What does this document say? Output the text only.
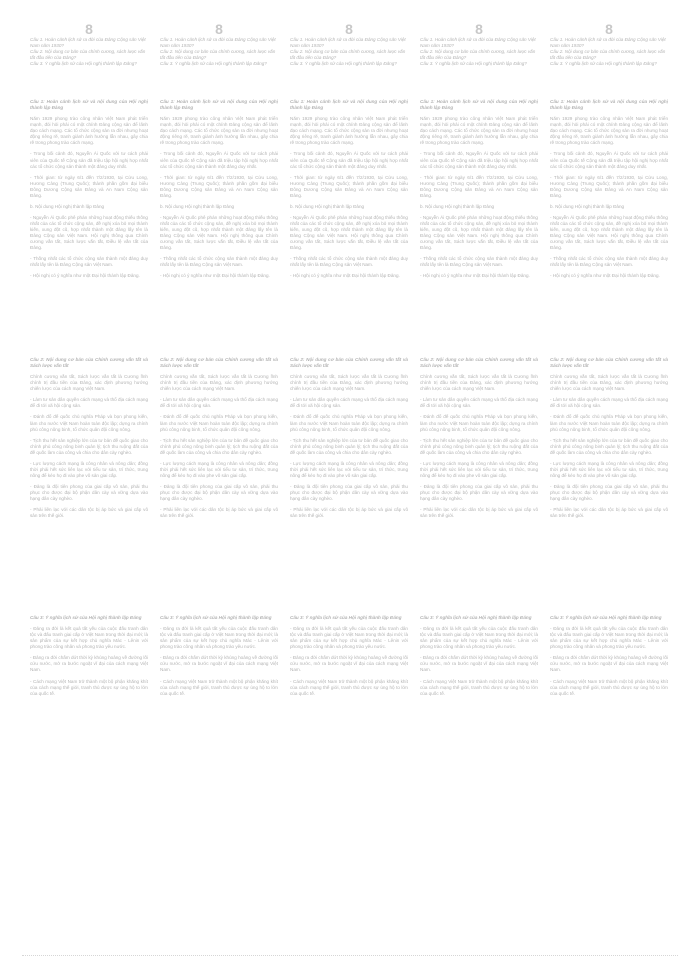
8

Câu 1. Hoàn cảnh lịch sử ra đời của Đảng Cộng sản Việt Nam năm 1930?

Câu 2. Nội dung cơ bản của chính cương, sách lược vắn tắt đầu tiên của Đảng?

Câu 3. Ý nghĩa lịch sử của Hội nghị thành lập Đảng?

Câu 1: Hoàn cảnh lịch sử và nội dung của Hội nghị thành lập Đảng

Năm 1929 phong trào công nhân Việt Nam phát triển mạnh, đòi hỏi phải có một chính Đảng cộng sản để lãnh đạo cách mạng. Các tổ chức cộng sản ra đời nhưng hoạt động riêng rẽ, tranh giành ảnh hưởng lẫn nhau, gây chia rẽ trong phong trào cách mạng.

- Trong bối cảnh đó, Nguyễn Ái Quốc với tư cách phái viên của Quốc tế Cộng sản đã triệu tập hội nghị hợp nhất các tổ chức cộng sản thành một đảng duy nhất.

- Thời gian: từ ngày 6/1 đến 7/2/1930, tại Cửu Long, Hương Cảng (Trung Quốc); thành phần gồm đại biểu Đông Dương Cộng sản Đảng và An Nam Cộng sản Đảng.

b. Nội dung Hội nghị thành lập Đảng

- Nguyễn Ái Quốc phê phán những hoạt động thiếu thống nhất của các tổ chức cộng sản, đề nghị xóa bỏ mọi thành kiến, xung đột cũ, hợp nhất thành một đảng lấy tên là Đảng Cộng sản Việt Nam. Hội nghị thông qua Chính cương vắn tắt, Sách lược vắn tắt, Điều lệ vắn tắt của Đảng.

- Thống nhất các tổ chức cộng sản thành một đảng duy nhất lấy tên là Đảng Cộng sản Việt Nam.

- Hội nghị có ý nghĩa như một Đại hội thành lập Đảng.

Câu 2: Nội dung cơ bản của Chính cương vắn tắt và Sách lược vắn tắt

Chính cương vắn tắt, Sách lược vắn tắt là Cương lĩnh chính trị đầu tiên của Đảng, xác định phương hướng chiến lược của cách mạng Việt Nam.

- Làm tư sản dân quyền cách mạng và thổ địa cách mạng để đi tới xã hội cộng sản.

- Đánh đổ đế quốc chủ nghĩa Pháp và bọn phong kiến, làm cho nước Việt Nam hoàn toàn độc lập; dựng ra chính phủ công nông binh, tổ chức quân đội công nông.

- Tịch thu hết sản nghiệp lớn của tư bản đế quốc giao cho chính phủ công nông binh quản lý; tịch thu ruộng đất của đế quốc làm của công và chia cho dân cày nghèo.

- Lực lượng cách mạng là công nhân và nông dân; đồng thời phải hết sức liên lạc với tiểu tư sản, trí thức, trung nông để kéo họ đi vào phe vô sản giai cấp.

- Đảng là đội tiên phong của giai cấp vô sản, phải thu phục cho được đại bộ phận dân cày và vững dựa vào hạng dân cày nghèo.

- Phải liên lạc với các dân tộc bị áp bức và giai cấp vô sản trên thế giới.

Câu 3: Ý nghĩa lịch sử của Hội nghị thành lập Đảng

- Đảng ra đời là kết quả tất yếu của cuộc đấu tranh dân tộc và đấu tranh giai cấp ở Việt Nam trong thời đại mới; là sản phẩm của sự kết hợp chủ nghĩa Mác - Lênin với phong trào công nhân và phong trào yêu nước.

- Đảng ra đời chấm dứt thời kỳ khủng hoảng về đường lối cứu nước, mở ra bước ngoặt vĩ đại của cách mạng Việt Nam.

- Cách mạng Việt Nam trở thành một bộ phận khăng khít của cách mạng thế giới, tranh thủ được sự ủng hộ to lớn của quốc tế.

8

Câu 1. Hoàn cảnh lịch sử ra đời của Đảng Cộng sản Việt Nam năm 1930?

Câu 2. Nội dung cơ bản của chính cương, sách lược vắn tắt đầu tiên của Đảng?

Câu 3. Ý nghĩa lịch sử của Hội nghị thành lập Đảng?

Câu 1: Hoàn cảnh lịch sử và nội dung của Hội nghị thành lập Đảng

Năm 1929 phong trào công nhân Việt Nam phát triển mạnh, đòi hỏi phải có một chính Đảng cộng sản để lãnh đạo cách mạng. Các tổ chức cộng sản ra đời nhưng hoạt động riêng rẽ, tranh giành ảnh hưởng lẫn nhau, gây chia rẽ trong phong trào cách mạng.

- Trong bối cảnh đó, Nguyễn Ái Quốc với tư cách phái viên của Quốc tế Cộng sản đã triệu tập hội nghị hợp nhất các tổ chức cộng sản thành một đảng duy nhất.

- Thời gian: từ ngày 6/1 đến 7/2/1930, tại Cửu Long, Hương Cảng (Trung Quốc); thành phần gồm đại biểu Đông Dương Cộng sản Đảng và An Nam Cộng sản Đảng.

b. Nội dung Hội nghị thành lập Đảng

- Nguyễn Ái Quốc phê phán những hoạt động thiếu thống nhất của các tổ chức cộng sản, đề nghị xóa bỏ mọi thành kiến, xung đột cũ, hợp nhất thành một đảng lấy tên là Đảng Cộng sản Việt Nam. Hội nghị thông qua Chính cương vắn tắt, Sách lược vắn tắt, Điều lệ vắn tắt của Đảng.

- Thống nhất các tổ chức cộng sản thành một đảng duy nhất lấy tên là Đảng Cộng sản Việt Nam.

- Hội nghị có ý nghĩa như một Đại hội thành lập Đảng.

Câu 2: Nội dung cơ bản của Chính cương vắn tắt và Sách lược vắn tắt

Chính cương vắn tắt, Sách lược vắn tắt là Cương lĩnh chính trị đầu tiên của Đảng, xác định phương hướng chiến lược của cách mạng Việt Nam.

- Làm tư sản dân quyền cách mạng và thổ địa cách mạng để đi tới xã hội cộng sản.

- Đánh đổ đế quốc chủ nghĩa Pháp và bọn phong kiến, làm cho nước Việt Nam hoàn toàn độc lập; dựng ra chính phủ công nông binh, tổ chức quân đội công nông.

- Tịch thu hết sản nghiệp lớn của tư bản đế quốc giao cho chính phủ công nông binh quản lý; tịch thu ruộng đất của đế quốc làm của công và chia cho dân cày nghèo.

- Lực lượng cách mạng là công nhân và nông dân; đồng thời phải hết sức liên lạc với tiểu tư sản, trí thức, trung nông để kéo họ đi vào phe vô sản giai cấp.

- Đảng là đội tiên phong của giai cấp vô sản, phải thu phục cho được đại bộ phận dân cày và vững dựa vào hạng dân cày nghèo.

- Phải liên lạc với các dân tộc bị áp bức và giai cấp vô sản trên thế giới.

Câu 3: Ý nghĩa lịch sử của Hội nghị thành lập Đảng

- Đảng ra đời là kết quả tất yếu của cuộc đấu tranh dân tộc và đấu tranh giai cấp ở Việt Nam trong thời đại mới; là sản phẩm của sự kết hợp chủ nghĩa Mác - Lênin với phong trào công nhân và phong trào yêu nước.

- Đảng ra đời chấm dứt thời kỳ khủng hoảng về đường lối cứu nước, mở ra bước ngoặt vĩ đại của cách mạng Việt Nam.

- Cách mạng Việt Nam trở thành một bộ phận khăng khít của cách mạng thế giới, tranh thủ được sự ủng hộ to lớn của quốc tế.

8

Câu 1. Hoàn cảnh lịch sử ra đời của Đảng Cộng sản Việt Nam năm 1930?

Câu 2. Nội dung cơ bản của chính cương, sách lược vắn tắt đầu tiên của Đảng?

Câu 3. Ý nghĩa lịch sử của Hội nghị thành lập Đảng?

Câu 1: Hoàn cảnh lịch sử và nội dung của Hội nghị thành lập Đảng

Năm 1929 phong trào công nhân Việt Nam phát triển mạnh, đòi hỏi phải có một chính Đảng cộng sản để lãnh đạo cách mạng. Các tổ chức cộng sản ra đời nhưng hoạt động riêng rẽ, tranh giành ảnh hưởng lẫn nhau, gây chia rẽ trong phong trào cách mạng.

- Trong bối cảnh đó, Nguyễn Ái Quốc với tư cách phái viên của Quốc tế Cộng sản đã triệu tập hội nghị hợp nhất các tổ chức cộng sản thành một đảng duy nhất.

- Thời gian: từ ngày 6/1 đến 7/2/1930, tại Cửu Long, Hương Cảng (Trung Quốc); thành phần gồm đại biểu Đông Dương Cộng sản Đảng và An Nam Cộng sản Đảng.

b. Nội dung Hội nghị thành lập Đảng

- Nguyễn Ái Quốc phê phán những hoạt động thiếu thống nhất của các tổ chức cộng sản, đề nghị xóa bỏ mọi thành kiến, xung đột cũ, hợp nhất thành một đảng lấy tên là Đảng Cộng sản Việt Nam. Hội nghị thông qua Chính cương vắn tắt, Sách lược vắn tắt, Điều lệ vắn tắt của Đảng.

- Thống nhất các tổ chức cộng sản thành một đảng duy nhất lấy tên là Đảng Cộng sản Việt Nam.

- Hội nghị có ý nghĩa như một Đại hội thành lập Đảng.

Câu 2: Nội dung cơ bản của Chính cương vắn tắt và Sách lược vắn tắt

Chính cương vắn tắt, Sách lược vắn tắt là Cương lĩnh chính trị đầu tiên của Đảng, xác định phương hướng chiến lược của cách mạng Việt Nam.

- Làm tư sản dân quyền cách mạng và thổ địa cách mạng để đi tới xã hội cộng sản.

- Đánh đổ đế quốc chủ nghĩa Pháp và bọn phong kiến, làm cho nước Việt Nam hoàn toàn độc lập; dựng ra chính phủ công nông binh, tổ chức quân đội công nông.

- Tịch thu hết sản nghiệp lớn của tư bản đế quốc giao cho chính phủ công nông binh quản lý; tịch thu ruộng đất của đế quốc làm của công và chia cho dân cày nghèo.

- Lực lượng cách mạng là công nhân và nông dân; đồng thời phải hết sức liên lạc với tiểu tư sản, trí thức, trung nông để kéo họ đi vào phe vô sản giai cấp.

- Đảng là đội tiên phong của giai cấp vô sản, phải thu phục cho được đại bộ phận dân cày và vững dựa vào hạng dân cày nghèo.

- Phải liên lạc với các dân tộc bị áp bức và giai cấp vô sản trên thế giới.

Câu 3: Ý nghĩa lịch sử của Hội nghị thành lập Đảng

- Đảng ra đời là kết quả tất yếu của cuộc đấu tranh dân tộc và đấu tranh giai cấp ở Việt Nam trong thời đại mới; là sản phẩm của sự kết hợp chủ nghĩa Mác - Lênin với phong trào công nhân và phong trào yêu nước.

- Đảng ra đời chấm dứt thời kỳ khủng hoảng về đường lối cứu nước, mở ra bước ngoặt vĩ đại của cách mạng Việt Nam.

- Cách mạng Việt Nam trở thành một bộ phận khăng khít của cách mạng thế giới, tranh thủ được sự ủng hộ to lớn của quốc tế.

8

Câu 1. Hoàn cảnh lịch sử ra đời của Đảng Cộng sản Việt Nam năm 1930?

Câu 2. Nội dung cơ bản của chính cương, sách lược vắn tắt đầu tiên của Đảng?

Câu 3. Ý nghĩa lịch sử của Hội nghị thành lập Đảng?

Câu 1: Hoàn cảnh lịch sử và nội dung của Hội nghị thành lập Đảng

Năm 1929 phong trào công nhân Việt Nam phát triển mạnh, đòi hỏi phải có một chính Đảng cộng sản để lãnh đạo cách mạng. Các tổ chức cộng sản ra đời nhưng hoạt động riêng rẽ, tranh giành ảnh hưởng lẫn nhau, gây chia rẽ trong phong trào cách mạng.

- Trong bối cảnh đó, Nguyễn Ái Quốc với tư cách phái viên của Quốc tế Cộng sản đã triệu tập hội nghị hợp nhất các tổ chức cộng sản thành một đảng duy nhất.

- Thời gian: từ ngày 6/1 đến 7/2/1930, tại Cửu Long, Hương Cảng (Trung Quốc); thành phần gồm đại biểu Đông Dương Cộng sản Đảng và An Nam Cộng sản Đảng.

b. Nội dung Hội nghị thành lập Đảng

- Nguyễn Ái Quốc phê phán những hoạt động thiếu thống nhất của các tổ chức cộng sản, đề nghị xóa bỏ mọi thành kiến, xung đột cũ, hợp nhất thành một đảng lấy tên là Đảng Cộng sản Việt Nam. Hội nghị thông qua Chính cương vắn tắt, Sách lược vắn tắt, Điều lệ vắn tắt của Đảng.

- Thống nhất các tổ chức cộng sản thành một đảng duy nhất lấy tên là Đảng Cộng sản Việt Nam.

- Hội nghị có ý nghĩa như một Đại hội thành lập Đảng.

Câu 2: Nội dung cơ bản của Chính cương vắn tắt và Sách lược vắn tắt

Chính cương vắn tắt, Sách lược vắn tắt là Cương lĩnh chính trị đầu tiên của Đảng, xác định phương hướng chiến lược của cách mạng Việt Nam.

- Làm tư sản dân quyền cách mạng và thổ địa cách mạng để đi tới xã hội cộng sản.

- Đánh đổ đế quốc chủ nghĩa Pháp và bọn phong kiến, làm cho nước Việt Nam hoàn toàn độc lập; dựng ra chính phủ công nông binh, tổ chức quân đội công nông.

- Tịch thu hết sản nghiệp lớn của tư bản đế quốc giao cho chính phủ công nông binh quản lý; tịch thu ruộng đất của đế quốc làm của công và chia cho dân cày nghèo.

- Lực lượng cách mạng là công nhân và nông dân; đồng thời phải hết sức liên lạc với tiểu tư sản, trí thức, trung nông để kéo họ đi vào phe vô sản giai cấp.

- Đảng là đội tiên phong của giai cấp vô sản, phải thu phục cho được đại bộ phận dân cày và vững dựa vào hạng dân cày nghèo.

- Phải liên lạc với các dân tộc bị áp bức và giai cấp vô sản trên thế giới.

Câu 3: Ý nghĩa lịch sử của Hội nghị thành lập Đảng

- Đảng ra đời là kết quả tất yếu của cuộc đấu tranh dân tộc và đấu tranh giai cấp ở Việt Nam trong thời đại mới; là sản phẩm của sự kết hợp chủ nghĩa Mác - Lênin với phong trào công nhân và phong trào yêu nước.

- Đảng ra đời chấm dứt thời kỳ khủng hoảng về đường lối cứu nước, mở ra bước ngoặt vĩ đại của cách mạng Việt Nam.

- Cách mạng Việt Nam trở thành một bộ phận khăng khít của cách mạng thế giới, tranh thủ được sự ủng hộ to lớn của quốc tế.

8

Câu 1. Hoàn cảnh lịch sử ra đời của Đảng Cộng sản Việt Nam năm 1930?

Câu 2. Nội dung cơ bản của chính cương, sách lược vắn tắt đầu tiên của Đảng?

Câu 3. Ý nghĩa lịch sử của Hội nghị thành lập Đảng?

Câu 1: Hoàn cảnh lịch sử và nội dung của Hội nghị thành lập Đảng

Năm 1929 phong trào công nhân Việt Nam phát triển mạnh, đòi hỏi phải có một chính Đảng cộng sản để lãnh đạo cách mạng. Các tổ chức cộng sản ra đời nhưng hoạt động riêng rẽ, tranh giành ảnh hưởng lẫn nhau, gây chia rẽ trong phong trào cách mạng.

- Trong bối cảnh đó, Nguyễn Ái Quốc với tư cách phái viên của Quốc tế Cộng sản đã triệu tập hội nghị hợp nhất các tổ chức cộng sản thành một đảng duy nhất.

- Thời gian: từ ngày 6/1 đến 7/2/1930, tại Cửu Long, Hương Cảng (Trung Quốc); thành phần gồm đại biểu Đông Dương Cộng sản Đảng và An Nam Cộng sản Đảng.

b. Nội dung Hội nghị thành lập Đảng

- Nguyễn Ái Quốc phê phán những hoạt động thiếu thống nhất của các tổ chức cộng sản, đề nghị xóa bỏ mọi thành kiến, xung đột cũ, hợp nhất thành một đảng lấy tên là Đảng Cộng sản Việt Nam. Hội nghị thông qua Chính cương vắn tắt, Sách lược vắn tắt, Điều lệ vắn tắt của Đảng.

- Thống nhất các tổ chức cộng sản thành một đảng duy nhất lấy tên là Đảng Cộng sản Việt Nam.

- Hội nghị có ý nghĩa như một Đại hội thành lập Đảng.

Câu 2: Nội dung cơ bản của Chính cương vắn tắt và Sách lược vắn tắt

Chính cương vắn tắt, Sách lược vắn tắt là Cương lĩnh chính trị đầu tiên của Đảng, xác định phương hướng chiến lược của cách mạng Việt Nam.

- Làm tư sản dân quyền cách mạng và thổ địa cách mạng để đi tới xã hội cộng sản.

- Đánh đổ đế quốc chủ nghĩa Pháp và bọn phong kiến, làm cho nước Việt Nam hoàn toàn độc lập; dựng ra chính phủ công nông binh, tổ chức quân đội công nông.

- Tịch thu hết sản nghiệp lớn của tư bản đế quốc giao cho chính phủ công nông binh quản lý; tịch thu ruộng đất của đế quốc làm của công và chia cho dân cày nghèo.

- Lực lượng cách mạng là công nhân và nông dân; đồng thời phải hết sức liên lạc với tiểu tư sản, trí thức, trung nông để kéo họ đi vào phe vô sản giai cấp.

- Đảng là đội tiên phong của giai cấp vô sản, phải thu phục cho được đại bộ phận dân cày và vững dựa vào hạng dân cày nghèo.

- Phải liên lạc với các dân tộc bị áp bức và giai cấp vô sản trên thế giới.

Câu 3: Ý nghĩa lịch sử của Hội nghị thành lập Đảng

- Đảng ra đời là kết quả tất yếu của cuộc đấu tranh dân tộc và đấu tranh giai cấp ở Việt Nam trong thời đại mới; là sản phẩm của sự kết hợp chủ nghĩa Mác - Lênin với phong trào công nhân và phong trào yêu nước.

- Đảng ra đời chấm dứt thời kỳ khủng hoảng về đường lối cứu nước, mở ra bước ngoặt vĩ đại của cách mạng Việt Nam.

- Cách mạng Việt Nam trở thành một bộ phận khăng khít của cách mạng thế giới, tranh thủ được sự ủng hộ to lớn của quốc tế.
